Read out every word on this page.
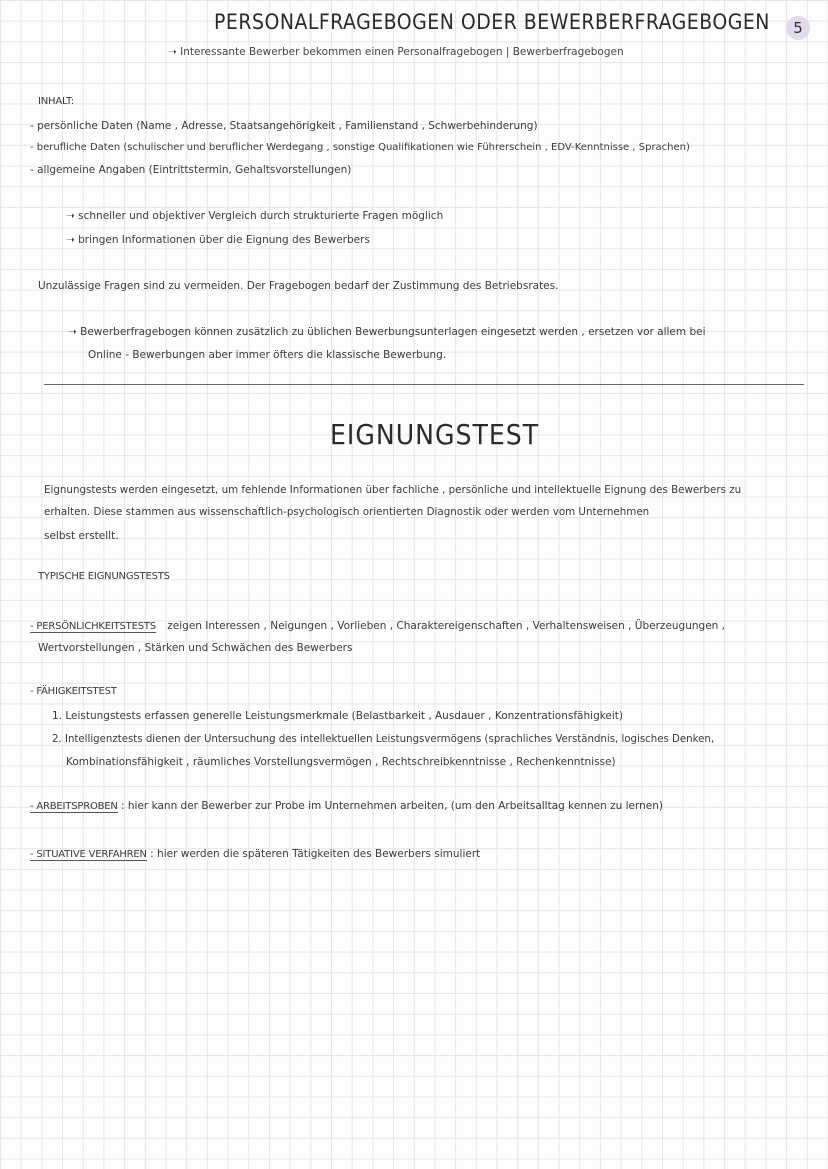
5
PERSONALFRAGEBOGEN ODER BEWERBERFRAGEBOGEN
➝ Interessante Bewerber bekommen einen Personalfragebogen | Bewerberfragebogen
INHALT:
- persönliche Daten (Name , Adresse, Staatsangehörigkeit , Familienstand , Schwerbehinderung)
- berufliche Daten (schulischer und beruflicher Werdegang , sonstige Qualifikationen wie Führerschein , EDV-Kenntnisse , Sprachen)
- allgemeine Angaben (Eintrittstermin, Gehaltsvorstellungen)
➝ schneller und objektiver Vergleich durch strukturierte Fragen möglich
➝ bringen Informationen über die Eignung des Bewerbers
Unzulässige Fragen sind zu vermeiden. Der Fragebogen bedarf der Zustimmung des Betriebsrates.
➝ Bewerberfragebogen können zusätzlich zu üblichen Bewerbungsunterlagen eingesetzt werden , ersetzen vor allem bei
Online - Bewerbungen aber immer öfters die klassische Bewerbung.
EIGNUNGSTEST
Eignungstests werden eingesetzt, um fehlende Informationen über fachliche , persönliche und intellektuelle Eignung des Bewerbers zu
erhalten. Diese stammen aus wissenschaftlich-psychologisch orientierten Diagnostik oder werden vom Unternehmen
selbst erstellt.
TYPISCHE EIGNUNGSTESTS
- PERSÖNLICHKEITSTESTS zeigen Interessen , Neigungen , Vorlieben , Charaktereigenschaften , Verhaltensweisen , Überzeugungen ,
Wertvorstellungen , Stärken und Schwächen des Bewerbers
- FÄHIGKEITSTEST
1. Leistungstests erfassen generelle Leistungsmerkmale (Belastbarkeit , Ausdauer , Konzentrationsfähigkeit)
2. Intelligenztests dienen der Untersuchung des intellektuellen Leistungsvermögens (sprachliches Verständnis, logisches Denken,
Kombinationsfähigkeit , räumliches Vorstellungsvermögen , Rechtschreibkenntnisse , Rechenkenntnisse)
- ARBEITSPROBEN : hier kann der Bewerber zur Probe im Unternehmen arbeiten, (um den Arbeitsalltag kennen zu lernen)
- SITUATIVE VERFAHREN : hier werden die späteren Tätigkeiten des Bewerbers simuliert
